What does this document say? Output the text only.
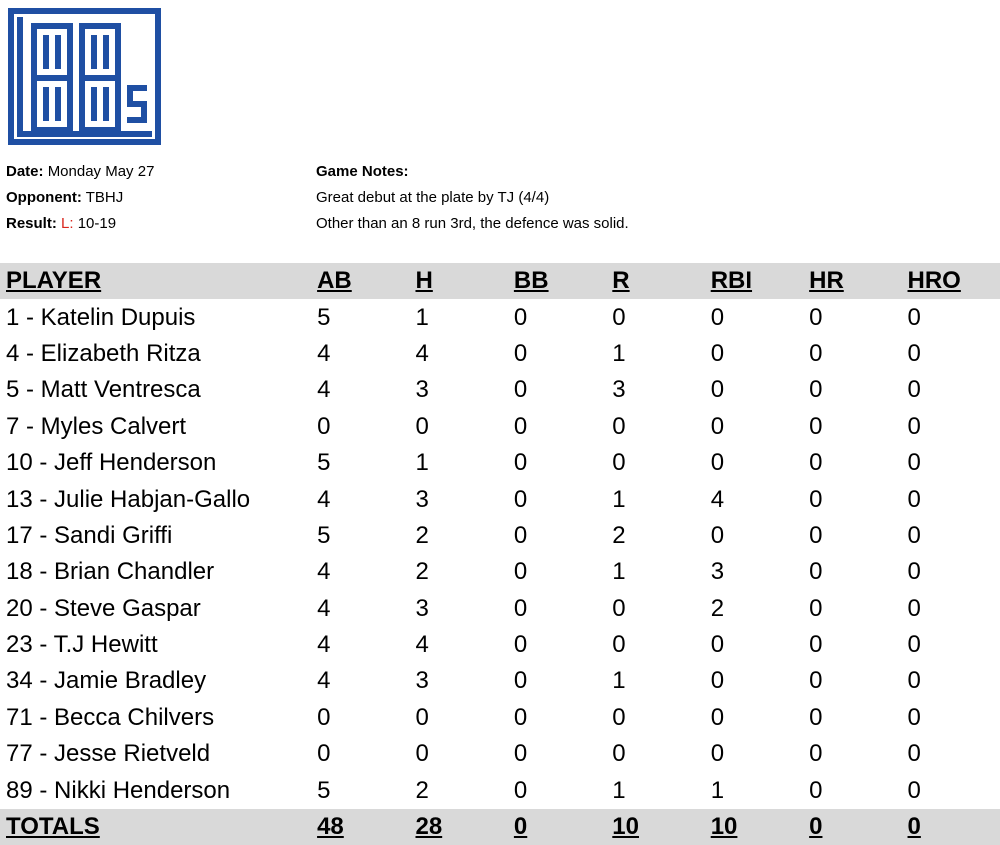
Date: Monday May 27
Opponent: TBHJ
Result: L: 10-19
Game Notes:
Great debut at the plate by TJ (4/4)
Other than an 8 run 3rd, the defence was solid.
PLAYER	AB	H	BB	R	RBI	HR	HRO
1 - Katelin Dupuis	5	1	0	0	0	0	0
4 - Elizabeth Ritza	4	4	0	1	0	0	0
5 - Matt Ventresca	4	3	0	3	0	0	0
7 - Myles Calvert	0	0	0	0	0	0	0
10 - Jeff Henderson	5	1	0	0	0	0	0
13 - Julie Habjan-Gallo	4	3	0	1	4	0	0
17 - Sandi Griffi	5	2	0	2	0	0	0
18 - Brian Chandler	4	2	0	1	3	0	0
20 - Steve Gaspar	4	3	0	0	2	0	0
23 - T.J Hewitt	4	4	0	0	0	0	0
34 - Jamie Bradley	4	3	0	1	0	0	0
71 - Becca Chilvers	0	0	0	0	0	0	0
77 - Jesse Rietveld	0	0	0	0	0	0	0
89 - Nikki Henderson	5	2	0	1	1	0	0
TOTALS	48	28	0	10	10	0	0
